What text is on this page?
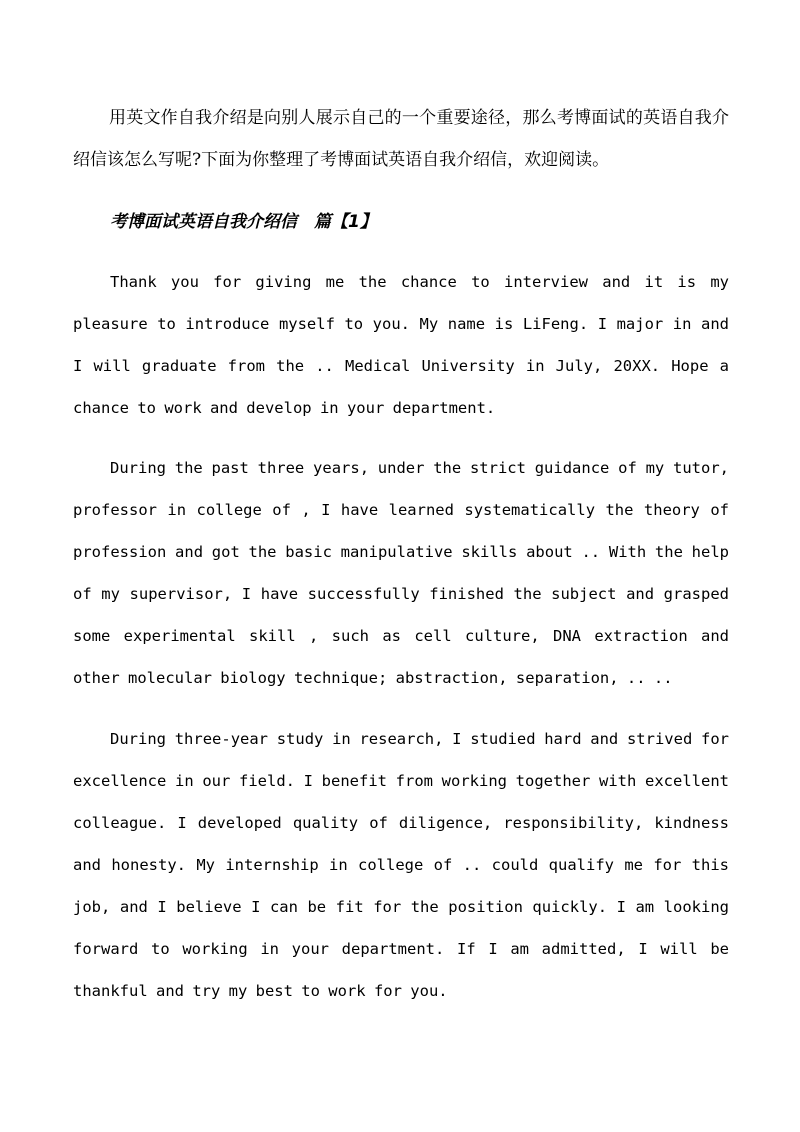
用英文作自我介绍是向别人展示自己的一个重要途径，那么考博面试的英语自我介绍信该怎么写呢?下面为你整理了考博面试英语自我介绍信，欢迎阅读。

考博面试英语自我介绍信　篇【1】

Thank you for giving me the chance to interview and it is my pleasure to introduce myself to you. My name is LiFeng. I major in and I will graduate from the .. Medical University in July, 20XX. Hope a chance to work and develop in your department.

During the past three years, under the strict guidance of my tutor, professor in college of , I have learned systematically the theory of profession and got the basic manipulative skills about .. With the help of my supervisor, I have successfully finished the subject and grasped some experimental skill , such as cell culture, DNA extraction and other molecular biology technique; abstraction, separation, .. ..

During three-year study in research, I studied hard and strived for excellence in our field. I benefit from working together with excellent colleague. I developed quality of diligence, responsibility, kindness and honesty. My internship in college of .. could qualify me for this job, and I believe I can be fit for the position quickly. I am looking forward to working in your department. If I am admitted, I will be thankful and try my best to work for you.
